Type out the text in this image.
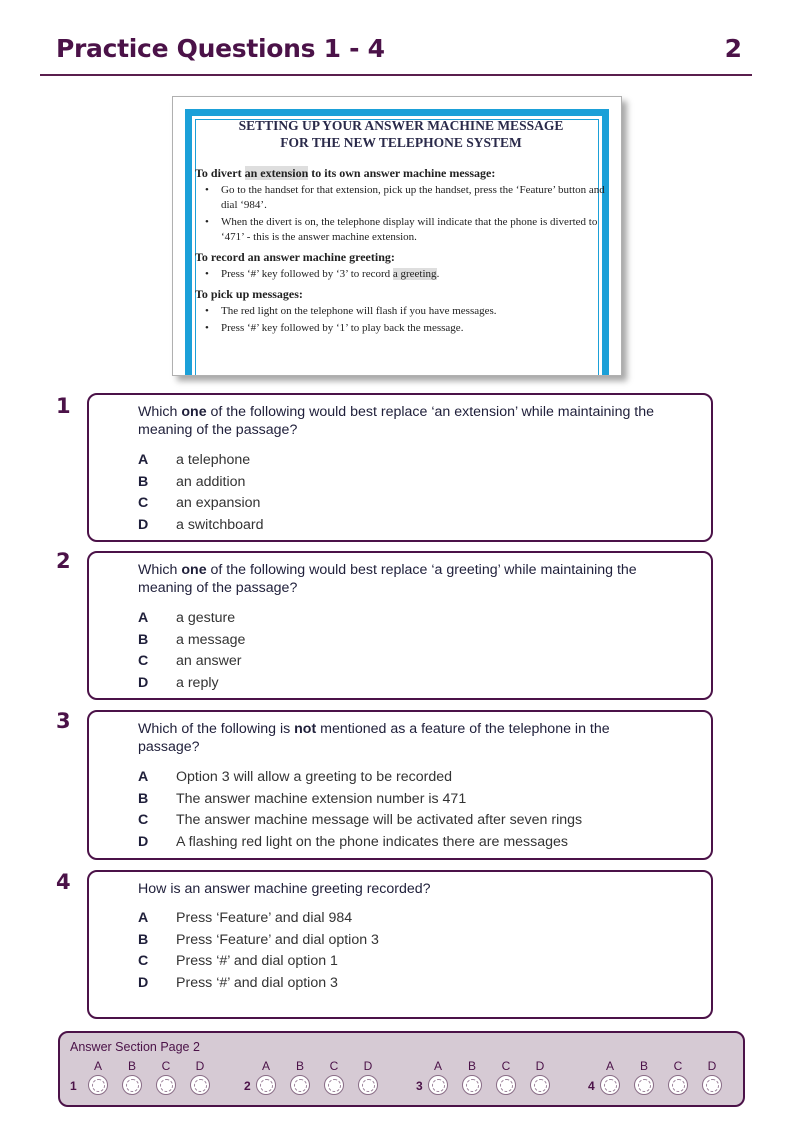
Practice Questions 1 - 4	2
SETTING UP YOUR ANSWER MACHINE MESSAGE
FOR THE NEW TELEPHONE SYSTEM
To divert an extension to its own answer machine message:
• Go to the handset for that extension, pick up the handset, press the ‘Feature’ button and dial ‘984’.
• When the divert is on, the telephone display will indicate that the phone is diverted to ‘471’ - this is the answer machine extension.
To record an answer machine greeting:
• Press ‘#’ key followed by ‘3’ to record a greeting.
To pick up messages:
• The red light on the telephone will flash if you have messages.
• Press ‘#’ key followed by ‘1’ to play back the message.
1	Which one of the following would best replace ‘an extension’ while maintaining the meaning of the passage?
A a telephone
B an addition
C an expansion
D a switchboard
2	Which one of the following would best replace ‘a greeting’ while maintaining the meaning of the passage?
A a gesture
B a message
C an answer
D a reply
3	Which of the following is not mentioned as a feature of the telephone in the passage?
A Option 3 will allow a greeting to be recorded
B The answer machine extension number is 471
C The answer machine message will be activated after seven rings
D A flashing red light on the phone indicates there are messages
4	How is an answer machine greeting recorded?
A Press ‘Feature’ and dial 984
B Press ‘Feature’ and dial option 3
C Press ‘#’ and dial option 1
D Press ‘#’ and dial option 3
Answer Section Page 2
1
A	B	C	D
2
A	B	C	D
3
A	B	C	D
4
A	B	C	D
